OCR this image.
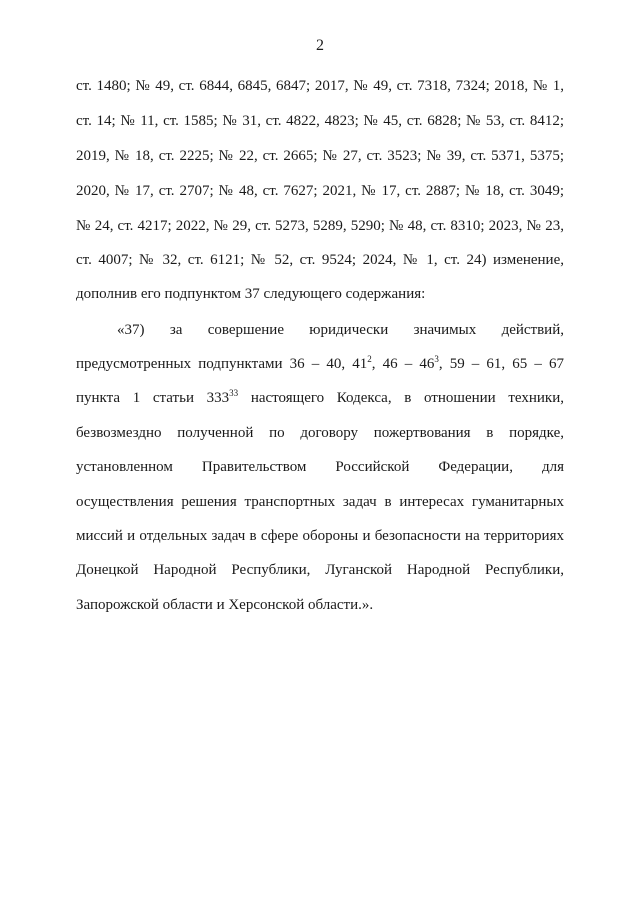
2
ст. 1480; № 49, ст. 6844, 6845, 6847; 2017, № 49, ст. 7318, 7324; 2018, № 1,
ст. 14; № 11, ст. 1585; № 31, ст. 4822, 4823; № 45, ст. 6828; № 53, ст. 8412;
2019, № 18, ст. 2225; № 22, ст. 2665; № 27, ст. 3523; № 39, ст. 5371, 5375;
2020, № 17, ст. 2707; № 48, ст. 7627; 2021, № 17, ст. 2887; № 18, ст. 3049;
№ 24, ст. 4217; 2022, № 29, ст. 5273, 5289, 5290; № 48, ст. 8310; 2023, № 23,
ст. 4007; № 32, ст. 6121; № 52, ст. 9524; 2024, № 1, ст. 24) изменение,
дополнив его подпунктом 37 следующего содержания:
«37) за совершение юридически значимых действий,
предусмотренных подпунктами 36 – 40, $41^2$, $46 - 46^3$, 59 – 61, 65 – 67
пункта 1 статьи $333^{33}$ настоящего Кодекса, в отношении техники,
безвозмездно полученной по договору пожертвования в порядке,
установленном Правительством Российской Федерации, для
осуществления решения транспортных задач в интересах гуманитарных
миссий и отдельных задач в сфере обороны и безопасности на территориях
Донецкой Народной Республики, Луганской Народной Республики,
Запорожской области и Херсонской области.».
